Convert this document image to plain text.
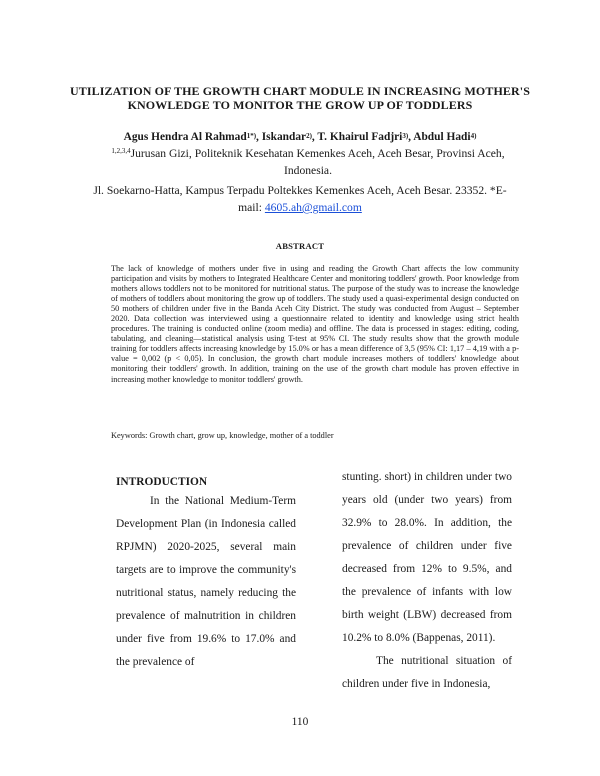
UTILIZATION OF THE GROWTH CHART MODULE IN INCREASING MOTHER'S KNOWLEDGE TO MONITOR THE GROW UP OF TODDLERS
Agus Hendra Al Rahmad$^{1*)}$, Iskandar$^{2)}$, T. Khairul Fadjri$^{3)}$, Abdul Hadi$^{4)}$
$^{1,2,3,4}$Jurusan Gizi, Politeknik Kesehatan Kemenkes Aceh, Aceh Besar, Provinsi Aceh, Indonesia.
Jl. Soekarno-Hatta, Kampus Terpadu Poltekkes Kemenkes Aceh, Aceh Besar. 23352. *E-mail: 4605.ah@gmail.com
ABSTRACT
The lack of knowledge of mothers under five in using and reading the Growth Chart affects the low community participation and visits by mothers to Integrated Healthcare Center and monitoring toddlers' growth. Poor knowledge from mothers allows toddlers not to be monitored for nutritional status. The purpose of the study was to increase the knowledge of mothers of toddlers about monitoring the grow up of toddlers. The study used a quasi-experimental design conducted on 50 mothers of children under five in the Banda Aceh City District. The study was conducted from August – September 2020. Data collection was interviewed using a questionnaire related to identity and knowledge using strict health procedures. The training is conducted online (zoom media) and offline. The data is processed in stages: editing, coding, tabulating, and cleaning—statistical analysis using T-test at 95% CI. The study results show that the growth module training for toddlers affects increasing knowledge by 15.0% or has a mean difference of 3,5 (95% CI: 1,17 – 4,19 with a p-value = 0,002 (p < 0,05). In conclusion, the growth chart module increases mothers of toddlers' knowledge about monitoring their toddlers' growth. In addition, training on the use of the growth chart module has proven effective in increasing mother knowledge to monitor toddlers' growth.
Keywords: Growth chart, grow up, knowledge, mother of a toddler

INTRODUCTION

In the National Medium-Term Development Plan (in Indonesia called RPJMN) 2020-2025, several main targets are to improve the community's nutritional status, namely reducing the prevalence of malnutrition in children under five from 19.6% to 17.0% and the prevalence of

stunting. short) in children under two years old (under two years) from 32.9% to 28.0%. In addition, the prevalence of children under five decreased from 12% to 9.5%, and the prevalence of infants with low birth weight (LBW) decreased from 10.2% to 8.0% (Bappenas, 2011).

The nutritional situation of children under five in Indonesia,

110
